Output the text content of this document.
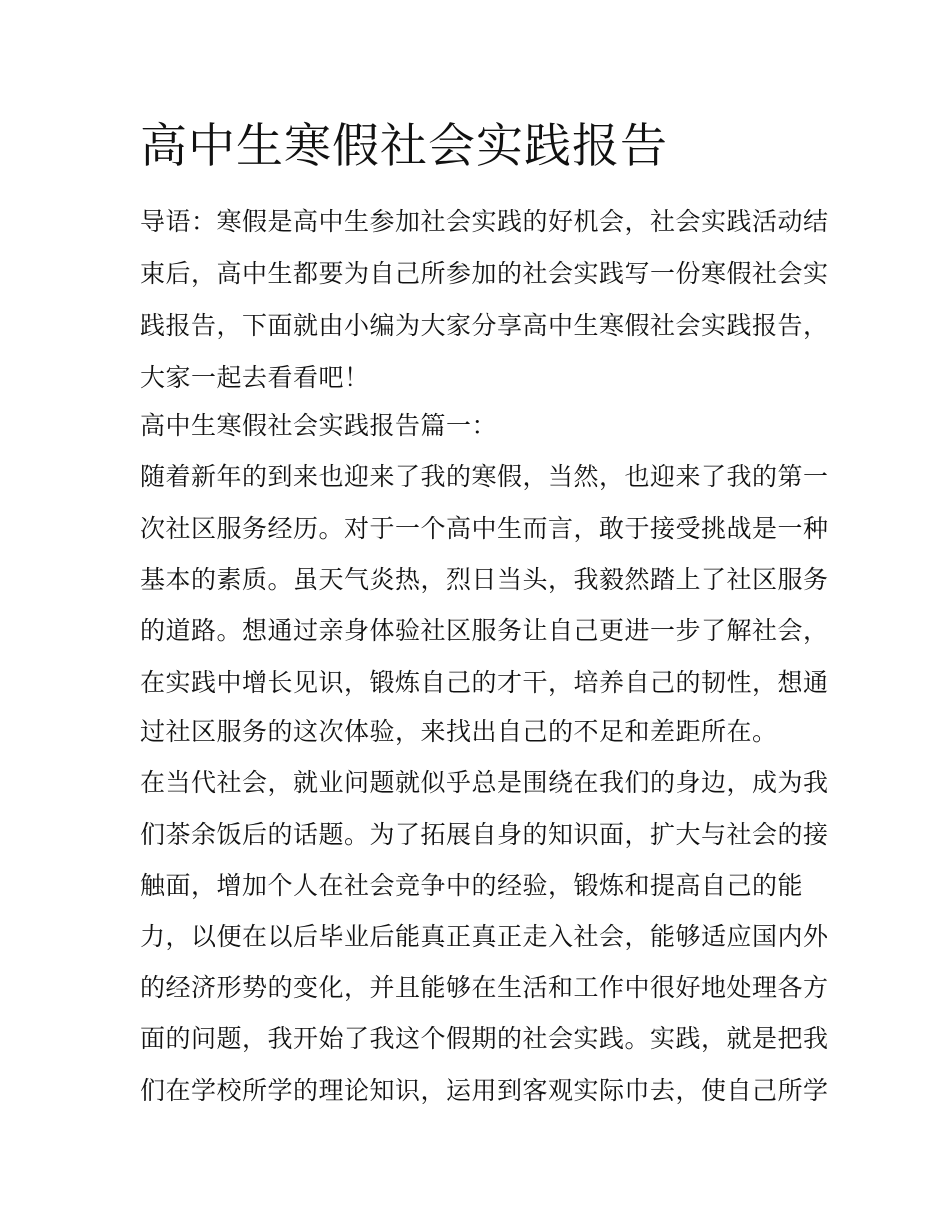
高中生寒假社会实践报告
导语：寒假是高中生参加社会实践的好机会，社会实践活动结
束后，高中生都要为自己所参加的社会实践写一份寒假社会实
践报告，下面就由小编为大家分享高中生寒假社会实践报告，
大家一起去看看吧！
高中生寒假社会实践报告篇一：
随着新年的到来也迎来了我的寒假，当然，也迎来了我的第一
次社区服务经历。对于一个高中生而言，敢于接受挑战是一种
基本的素质。虽天气炎热，烈日当头，我毅然踏上了社区服务
的道路。想通过亲身体验社区服务让自己更进一步了解社会，
在实践中增长见识，锻炼自己的才干，培养自己的韧性，想通
过社区服务的这次体验，来找出自己的不足和差距所在。
在当代社会，就业问题就似乎总是围绕在我们的身边，成为我
们茶余饭后的话题。为了拓展自身的知识面，扩大与社会的接
触面，增加个人在社会竞争中的经验，锻炼和提高自己的能
力，以便在以后毕业后能真正真正走入社会，能够适应国内外
的经济形势的变化，并且能够在生活和工作中很好地处理各方
面的问题，我开始了我这个假期的社会实践。实践，就是把我
们在学校所学的理论知识，运用到客观实际巾去，使自己所学
